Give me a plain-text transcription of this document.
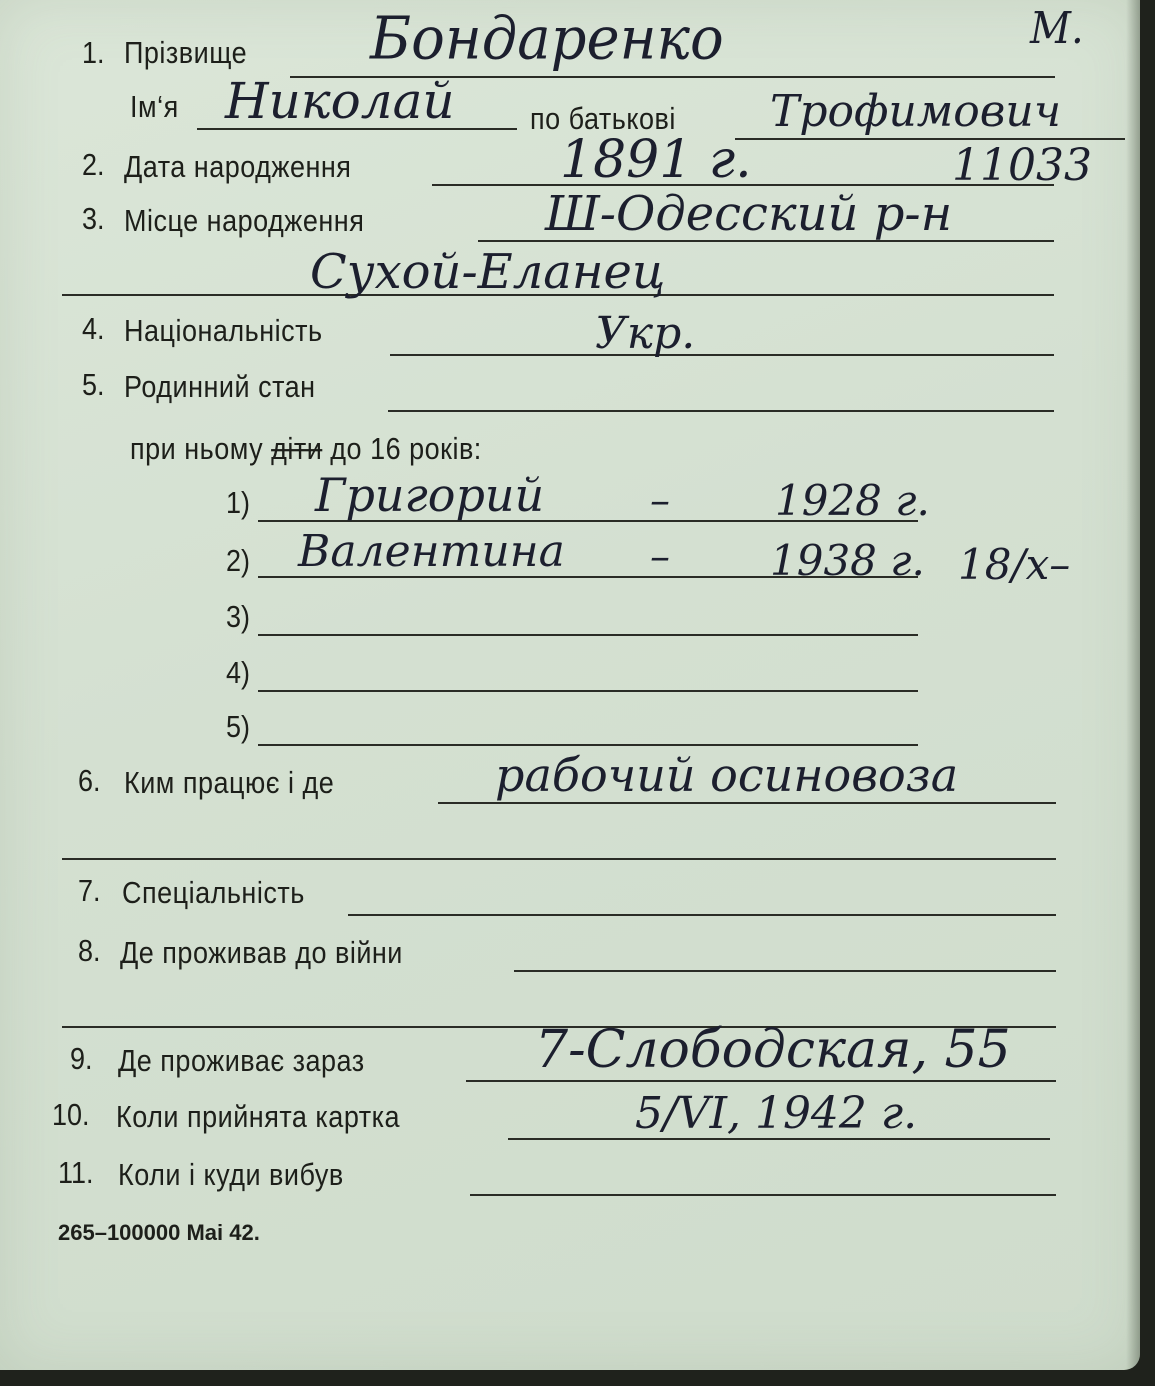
М.
1. Прізвище Бондаренко
Ім‘я Николай	по батькові Трофимович
2. Дата народження	1891 г.	11033
3. Місце народження	Ш-Одесский р-н
Сухой-Еланец
4. Національність	Укр.
5. Родинний стан
при ньому діти до 16 років:
1) Григорий	–	1928 г.
2) Валентина – 1938 г. 18/х–
3)
4)
5)
6. Ким працює і де	рабочий осиновоза
7. Спеціальність
8. Де проживав до війни
9. Де проживає зараз	7-Слободская, 55
10. Коли прийнята картка	5/VI, 1942 г.
11. Коли і куди вибув
265–100000 Mai 42.
